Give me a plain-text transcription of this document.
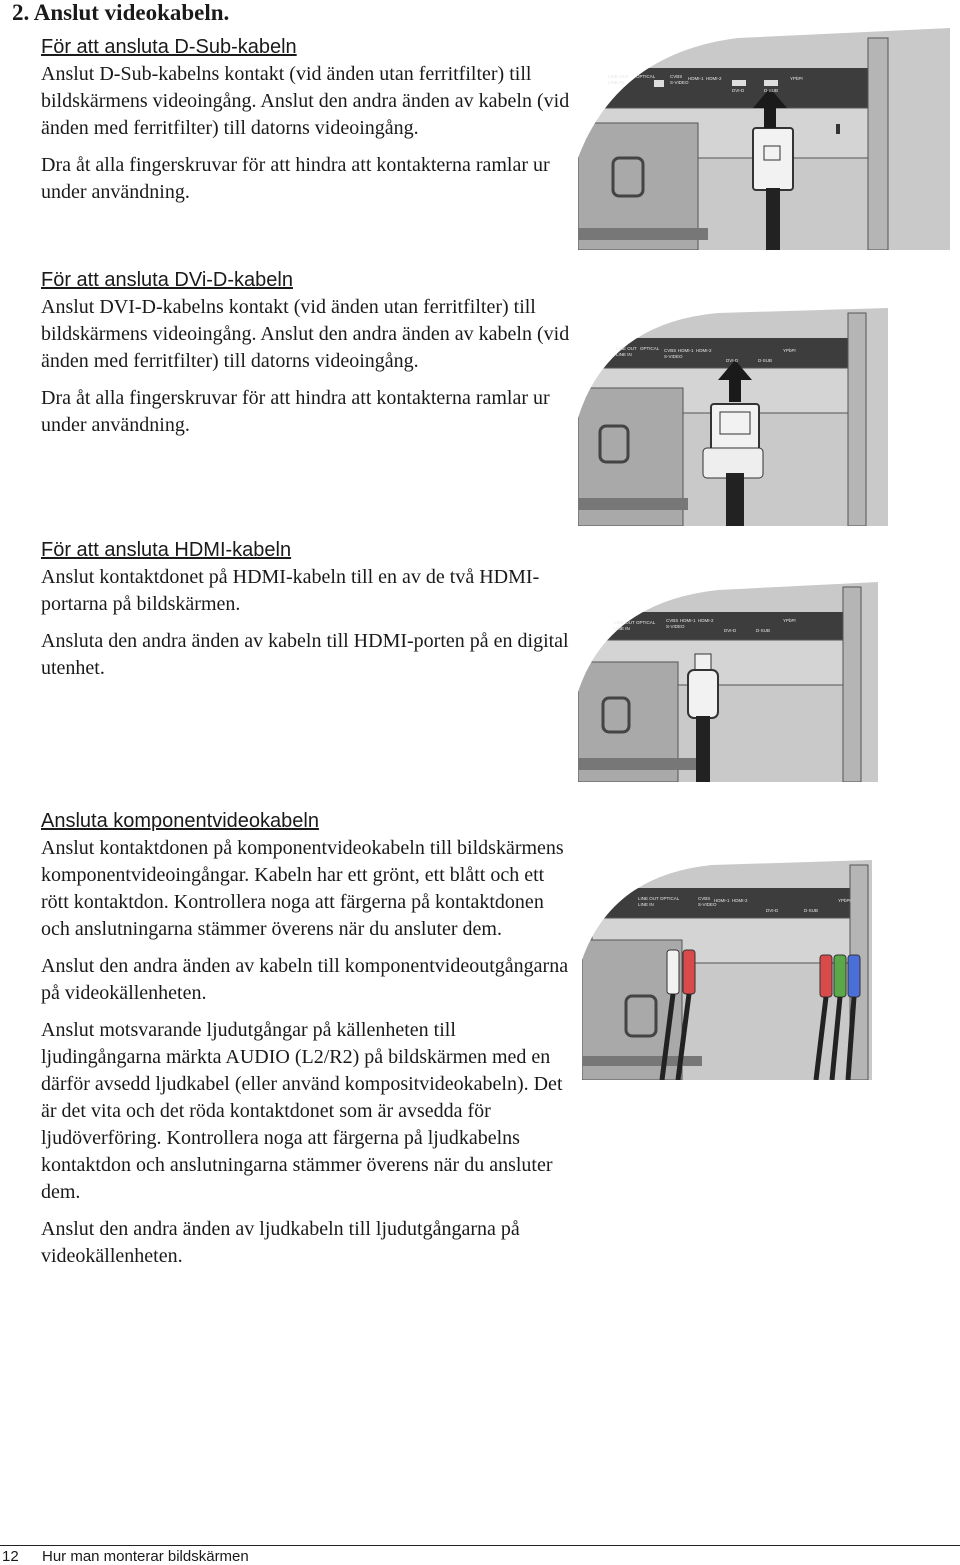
2. Anslut videokabeln.

För att ansluta D-Sub-kabeln

Anslut D-Sub-kabelns kontakt (vid änden utan ferritfilter) till bildskärmens videoingång. Anslut den andra änden av kabeln (vid änden med ferritfilter) till datorns videoingång.

Dra åt alla fingerskruvar för att hindra att kontakterna ramlar ur under användning.

För att ansluta DVi-D-kabeln

Anslut DVI-D-kabelns kontakt (vid änden utan ferritfilter) till bildskärmens videoingång. Anslut den andra änden av kabeln (vid änden med ferritfilter) till datorns videoingång.

Dra åt alla fingerskruvar för att hindra att kontakterna ramlar ur under användning.

För att ansluta HDMI-kabeln

Anslut kontaktdonet på HDMI-kabeln till en av de två HDMI-portarna på bildskärmen.

Ansluta den andra änden av kabeln till HDMI-porten på en digital utenhet.

Ansluta komponentvideokabeln

Anslut kontaktdonen på komponentvideokabeln till bildskärmens komponentvideoingångar. Kabeln har ett grönt, ett blått och ett rött kontaktdon. Kontrollera noga att färgerna på kontaktdonen och anslutningarna stämmer överens när du ansluter dem.

Anslut den andra änden av kabeln till komponentvideoutgångarna på videokällenheten.

Anslut motsvarande ljudutgångar på källenheten till ljudingångarna märkta AUDIO (L2/R2) på bildskärmen med en därför avsedd ljudkabel (eller använd kompositvideokabeln). Det är det vita och det röda kontaktdonet som är avsedda för ljudöverföring. Kontrollera noga att färgerna på ljudkabelns kontaktdon och anslutningarna stämmer överens när du ansluter dem.

Anslut den andra änden av ljudkabeln till ljudutgångarna på videokällenheten.

LINE OUT
LINE IN
OPTICAL	CVBS
S-VIDEO
HDMI-1 HDMI-2
DVI-D	D-SUB
YPbPr
LINE OUT
LINE IN
OPTICAL CVBS
S-VIDEO
HDMI-1 HDMI-2
DVI-D	D-SUB
YPbPr
LINE OUT
LINE IN
OPTICAL CVBS
S-VIDEO
HDMI-1 HDMI-2
DVI-D	D-SUB
YPbPr
LINE OUT
LINE IN
OPTICAL	CVBS
S-VIDEO
HDMI-1 HDMI-2
DVI-D	D-SUB
YPbPr
12 Hur man monterar bildskärmen
